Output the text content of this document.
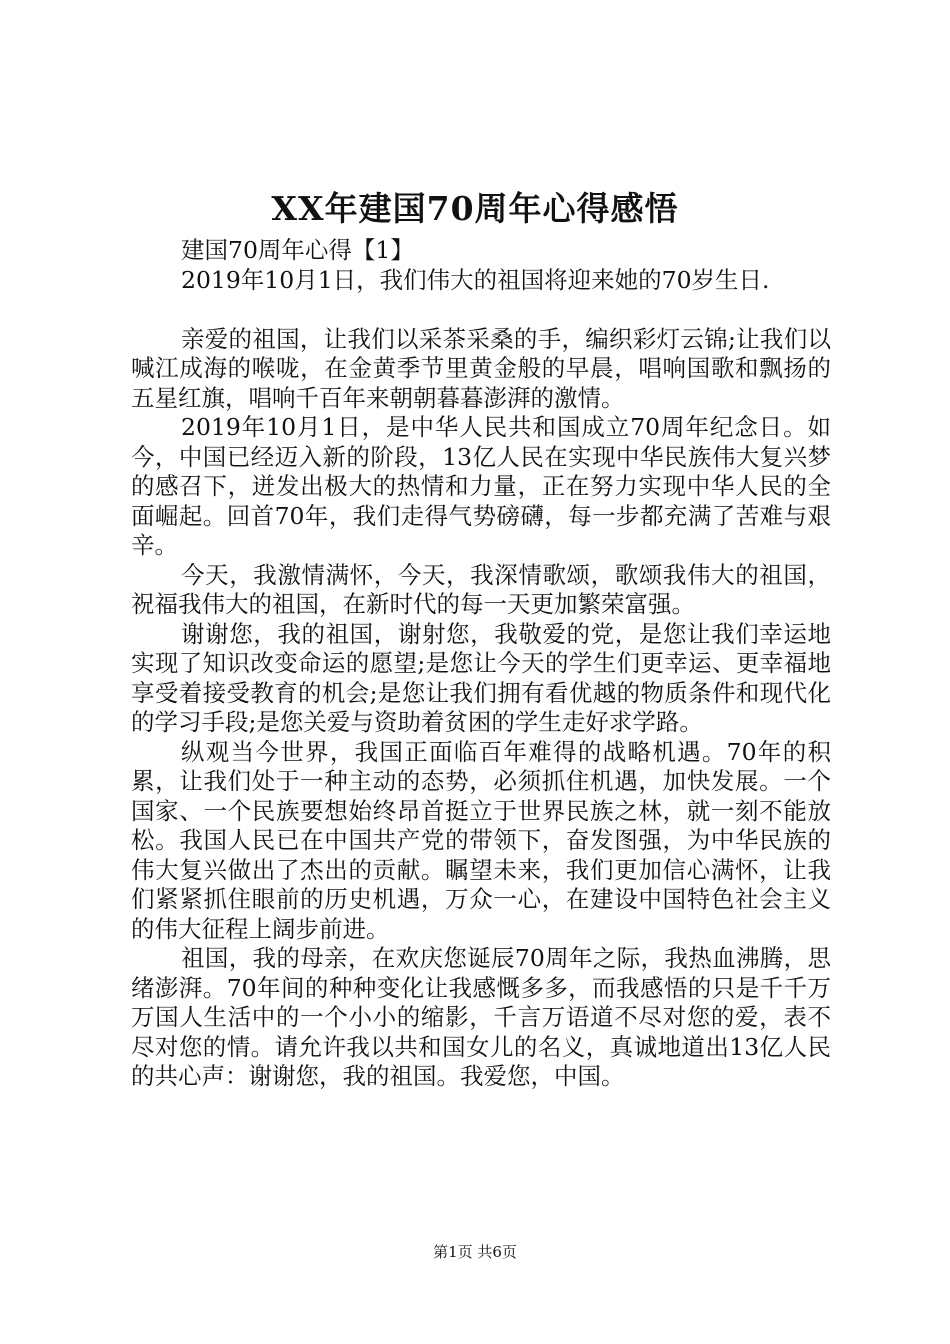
XX年建国70周年心得感悟

建国70周年心得【1】

2019年10月1日，我们伟大的祖国将迎来她的70岁生日.

亲爱的祖国，让我们以采茶采桑的手，编织彩灯云锦;让我们以喊江成海的喉咙，在金黄季节里黄金般的早晨，唱响国歌和飘扬的五星红旗，唱响千百年来朝朝暮暮澎湃的激情。

2019年10月1日，是中华人民共和国成立70周年纪念日。如今，中国已经迈入新的阶段，13亿人民在实现中华民族伟大复兴梦的感召下，迸发出极大的热情和力量，正在努力实现中华人民的全面崛起。回首70年，我们走得气势磅礴，每一步都充满了苦难与艰辛。

今天，我激情满怀，今天，我深情歌颂，歌颂我伟大的祖国，祝福我伟大的祖国，在新时代的每一天更加繁荣富强。

谢谢您，我的祖国，谢射您，我敬爱的党，是您让我们幸运地实现了知识改变命运的愿望;是您让今天的学生们更幸运、更幸福地享受着接受教育的机会;是您让我们拥有看优越的物质条件和现代化的学习手段;是您关爱与资助着贫困的学生走好求学路。

纵观当今世界，我国正面临百年难得的战略机遇。70年的积累，让我们处于一种主动的态势，必须抓住机遇，加快发展。一个国家、一个民族要想始终昂首挺立于世界民族之林，就一刻不能放松。我国人民已在中国共产党的带领下，奋发图强，为中华民族的伟大复兴做出了杰出的贡献。瞩望未来，我们更加信心满怀，让我们紧紧抓住眼前的历史机遇，万众一心，在建设中国特色社会主义的伟大征程上阔步前进。

祖国，我的母亲，在欢庆您诞辰70周年之际，我热血沸腾，思绪澎湃。70年间的种种变化让我感慨多多，而我感悟的只是千千万万国人生活中的一个小小的缩影，千言万语道不尽对您的爱，表不尽对您的情。请允许我以共和国女儿的名义，真诚地道出13亿人民的共心声：谢谢您，我的祖国。我爱您，中国。

第1页 共6页
